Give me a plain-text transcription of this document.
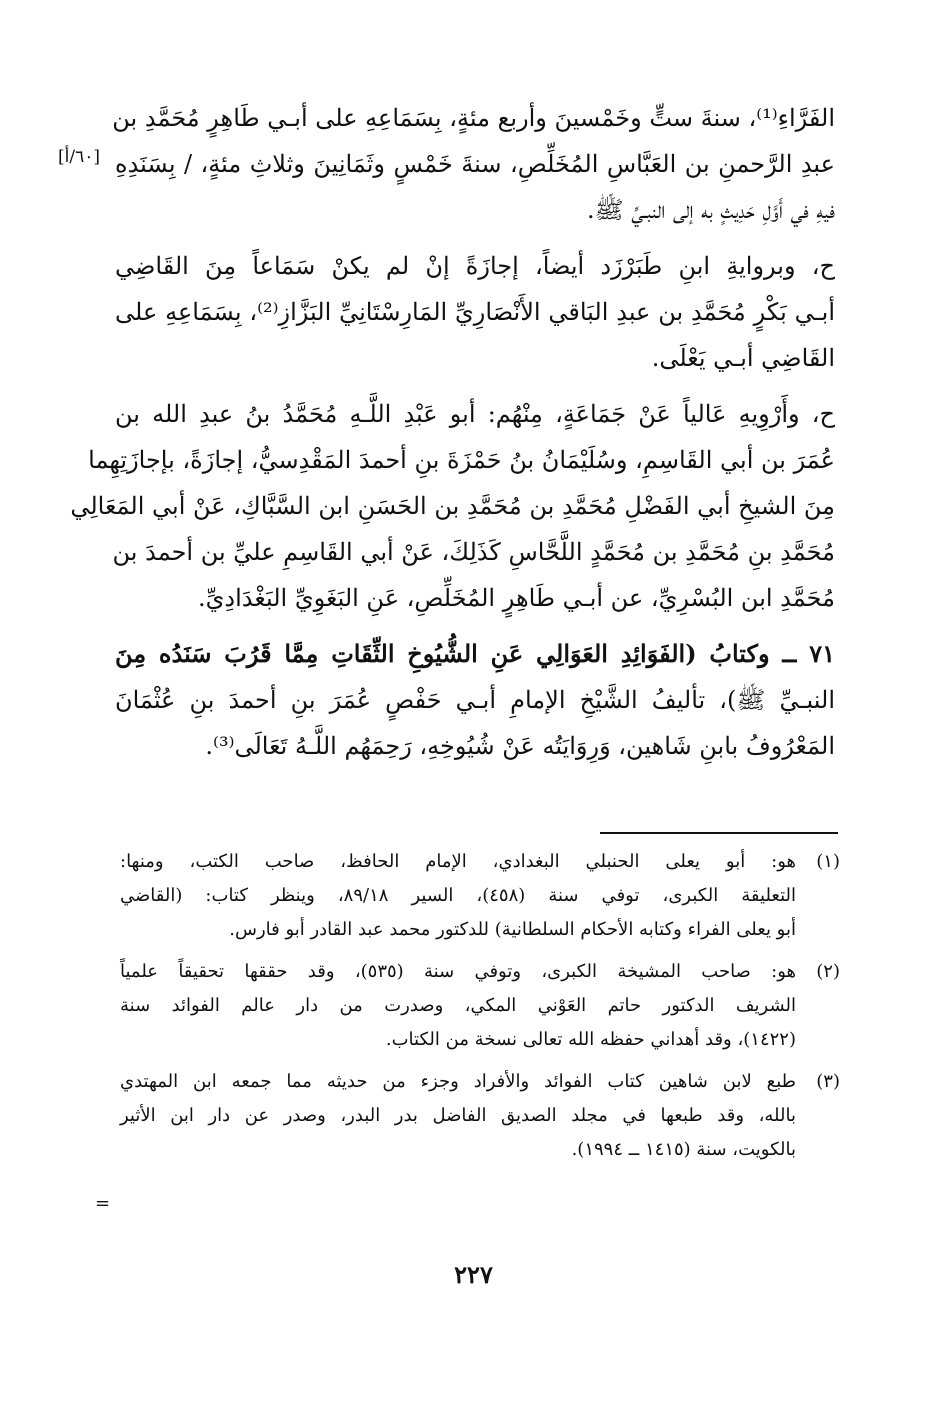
الفَرَّاءِ⁽¹⁾، سنةَ ستٍّ وخَمْسينَ وأربع مئةٍ، بِسَمَاعِهِ على أبـي طَاهِرٍ مُحَمَّدِ بن
عبدِ الرَّحمنِ بن العَبَّاسِ المُخَلِّصِ، سنةَ خَمْسٍ وثَمَانِينَ وثلاثِ مئةٍ، / بِسَنَدِهِ
فيهِ في أَوَّلِ حَدِيثٍ به إلى النبـيِّ ﷺ.
ح، وبروايةِ ابنِ طَبَرْزَد أيضاً، إجازَةً إنْ لم يكنْ سَمَاعاً مِنَ القَاضِي
أبـي بَكْرٍ مُحَمَّدِ بن عبدِ البَاقي الأَنْصَارِيِّ المَارِسْتَانِيِّ البَزَّازِ⁽²⁾، بِسَمَاعِهِ على
القَاضِي أبـي يَعْلَى.
ح، وأَرْوِيهِ عَالياً عَنْ جَمَاعَةٍ، مِنْهُم: أبو عَبْدِ اللَّـهِ مُحَمَّدُ بنُ عبدِ الله بن
عُمَرَ بن أبي القَاسِمِ، وسُلَيْمَانُ بنُ حَمْزَةَ بنِ أحمدَ المَقْدِسيُّ، إجازَةً، بإجازَتِهِما
مِنَ الشيخِ أبي الفَضْلِ مُحَمَّدِ بن مُحَمَّدِ بن الحَسَنِ ابن السَّبَّاكِ، عَنْ أبي المَعَالِي
مُحَمَّدِ بنِ مُحَمَّدِ بن مُحَمَّدٍ اللَّحَّاسِ كَذَلِكَ، عَنْ أبي القَاسِمِ عليِّ بن أحمدَ بن
مُحَمَّدِ ابن البُسْرِيِّ، عن أبـي طَاهِرٍ المُخَلِّصِ، عَنِ البَغَوِيِّ البَغْدَادِيِّ.
٧١ ــ وكتابُ (الفَوَائِدِ العَوَالِي عَنِ الشُّيُوخِ الثِّقَاتِ مِمَّا قَرُبَ سَنَدُه مِنَ
النبـيِّ ﷺ)، تأليفُ الشَّيْخِ الإمامِ أبـي حَفْصٍ عُمَرَ بنِ أحمدَ بنِ عُثْمَانَ
المَعْرُوفُ بابنِ شَاهين، وَرِوَايَتُه عَنْ شُيُوخِهِ، رَحِمَهُم اللَّـهُ تَعَالَى⁽³⁾.
[٦٠/أ]
(١)
هو: أبو يعلى الحنبلي البغدادي، الإمام الحافظ، صاحب الكتب، ومنها:
التعليقة الكبرى، توفي سنة (٤٥٨)، السير ٨٩/١٨، وينظر كتاب: (القاضي
أبو يعلى الفراء وكتابه الأحكام السلطانية) للدكتور محمد عبد القادر أبو فارس.
(٢)
هو: صاحب المشيخة الكبرى، وتوفي سنة (٥٣٥)، وقد حققها تحقيقاً علمياً
الشريف الدكتور حاتم العَوْني المكي، وصدرت من دار عالم الفوائد سنة
(١٤٢٢)، وقد أهداني حفظه الله تعالى نسخة من الكتاب.
(٣)
طبع لابن شاهين كتاب الفوائد والأفراد وجزء من حديثه مما جمعه ابن المهتدي
بالله، وقد طبعها في مجلد الصديق الفاضل بدر البدر، وصدر عن دار ابن الأثير
بالكويت، سنة (١٤١٥ ــ ١٩٩٤).
=
٢٢٧
